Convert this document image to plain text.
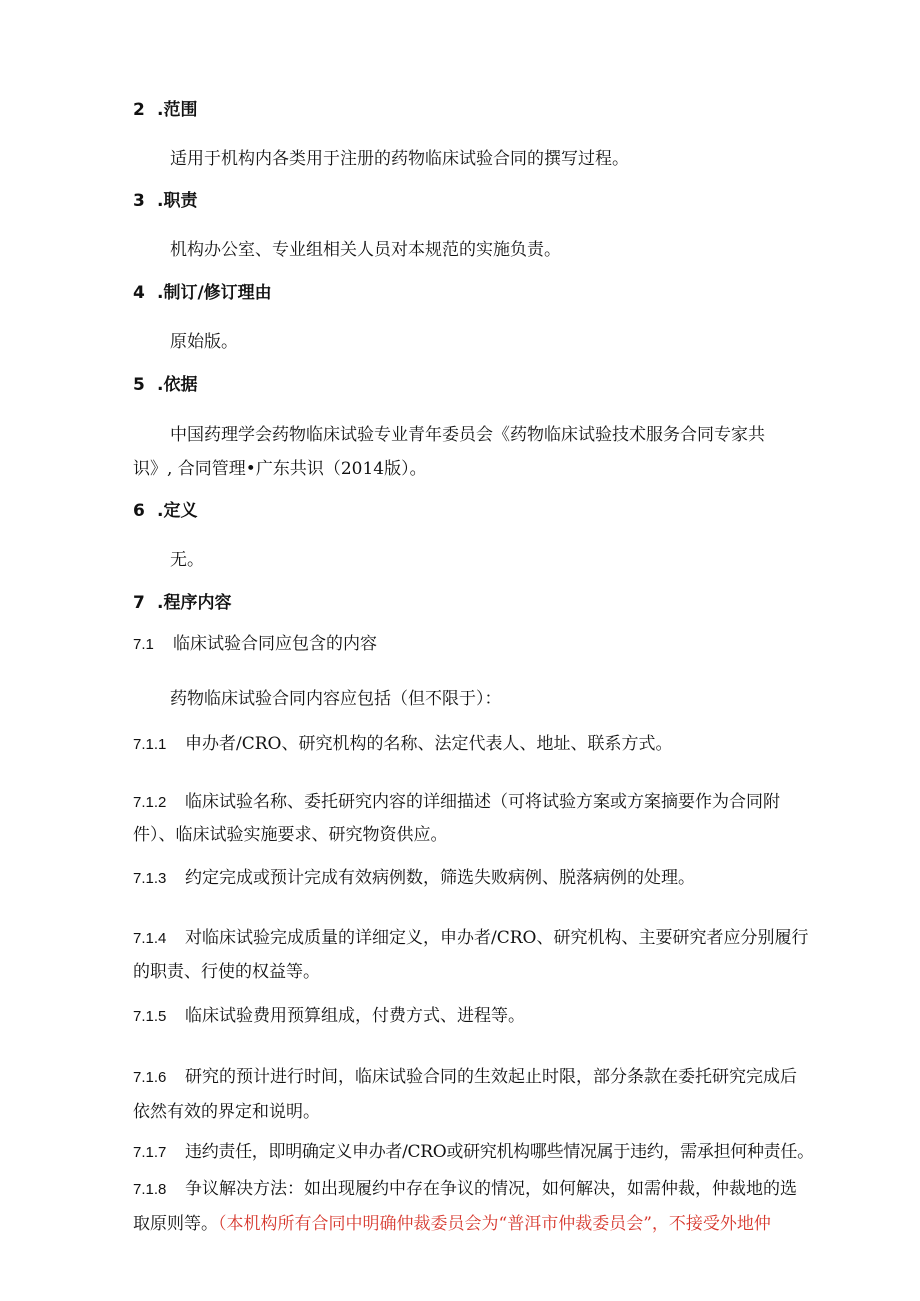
2 .范围
适用于机构内各类用于注册的药物临床试验合同的撰写过程。
3 .职责
机构办公室、专业组相关人员对本规范的实施负责。
4 .制订/修订理由
原始版。
5 .依据
中国药理学会药物临床试验专业青年委员会《药物临床试验技术服务合同专家共
识》, 合同管理•广东共识（2014版）。
6 .定义
无。
7 .程序内容
7.1 临床试验合同应包含的内容
药物临床试验合同内容应包括（但不限于）：
7.1.1 申办者/CRO、研究机构的名称、法定代表人、地址、联系方式。
7.1.2 临床试验名称、委托研究内容的详细描述（可将试验方案或方案摘要作为合同附
件）、临床试验实施要求、研究物资供应。
7.1.3 约定完成或预计完成有效病例数，筛选失败病例、脱落病例的处理。
7.1.4 对临床试验完成质量的详细定义，申办者/CRO、研究机构、主要研究者应分别履行
的职责、行使的权益等。
7.1.5 临床试验费用预算组成，付费方式、进程等。
7.1.6 研究的预计进行时间，临床试验合同的生效起止时限，部分条款在委托研究完成后
依然有效的界定和说明。
7.1.7 违约责任，即明确定义申办者/CRO或研究机构哪些情况属于违约，需承担何种责任。
7.1.8 争议解决方法：如出现履约中存在争议的情况，如何解决，如需仲裁，仲裁地的选
取原则等。（本机构所有合同中明确仲裁委员会为“普洱市仲裁委员会”，不接受外地仲
